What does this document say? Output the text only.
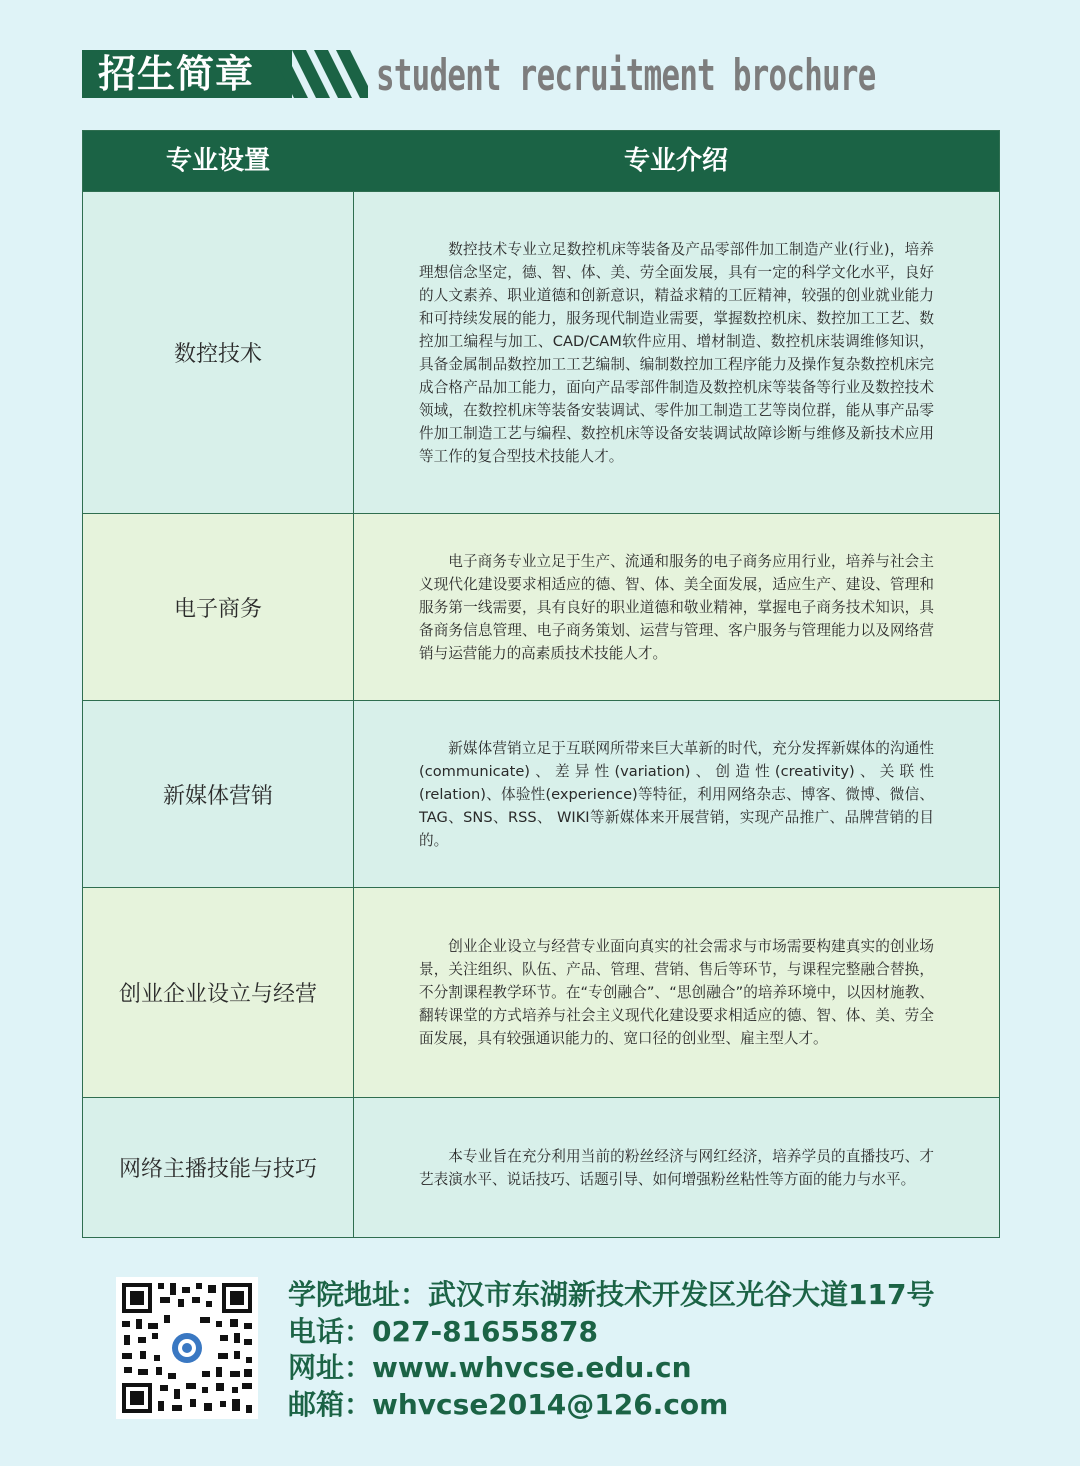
招生简章	student recruitment brochure
专业设置	专业介绍
数控技术

数控技术专业立足数控机床等装备及产品零部件加工制造产业(行业)，培养理想信念坚定，德、智、体、美、劳全面发展，具有一定的科学文化水平，良好的人文素养、职业道德和创新意识，精益求精的工匠精神，较强的创业就业能力和可持续发展的能力，服务现代制造业需要，掌握数控机床、数控加工工艺、数控加工编程与加工、CAD/CAM软件应用、增材制造、数控机床装调维修知识，具备金属制品数控加工工艺编制、编制数控加工程序能力及操作复杂数控机床完成合格产品加工能力，面向产品零部件制造及数控机床等装备等行业及数控技术领域，在数控机床等装备安装调试、零件加工制造工艺等岗位群，能从事产品零件加工制造工艺与编程、数控机床等设备安装调试故障诊断与维修及新技术应用等工作的复合型技术技能人才。

电子商务

电子商务专业立足于生产、流通和服务的电子商务应用行业，培养与社会主义现代化建设要求相适应的德、智、体、美全面发展，适应生产、建设、管理和服务第一线需要，具有良好的职业道德和敬业精神，掌握电子商务技术知识，具备商务信息管理、电子商务策划、运营与管理、客户服务与管理能力以及网络营销与运营能力的高素质技术技能人才。

新媒体营销

新媒体营销立足于互联网所带来巨大革新的时代，充分发挥新媒体的沟通性(communicate)、差异性(variation)、创造性(creativity)、关联性(relation)、体验性(experience)等特征，利用网络杂志、博客、微博、微信、TAG、SNS、RSS、 WIKI等新媒体来开展营销，实现产品推广、品牌营销的目的。

创业企业设立与经营

创业企业设立与经营专业面向真实的社会需求与市场需要构建真实的创业场景，关注组织、队伍、产品、管理、营销、售后等环节，与课程完整融合替换，不分割课程教学环节。在“专创融合”、“思创融合”的培养环境中，以因材施教、翻转课堂的方式培养与社会主义现代化建设要求相适应的德、智、体、美、劳全面发展，具有较强通识能力的、宽口径的创业型、雇主型人才。

网络主播技能与技巧

本专业旨在充分利用当前的粉丝经济与网红经济，培养学员的直播技巧、才艺表演水平、说话技巧、话题引导、如何增强粉丝粘性等方面的能力与水平。

学院地址：武汉市东湖新技术开发区光谷大道117号
电话：027-81655878
网址：www.whvcse.edu.cn
邮箱：whvcse2014@126.com
